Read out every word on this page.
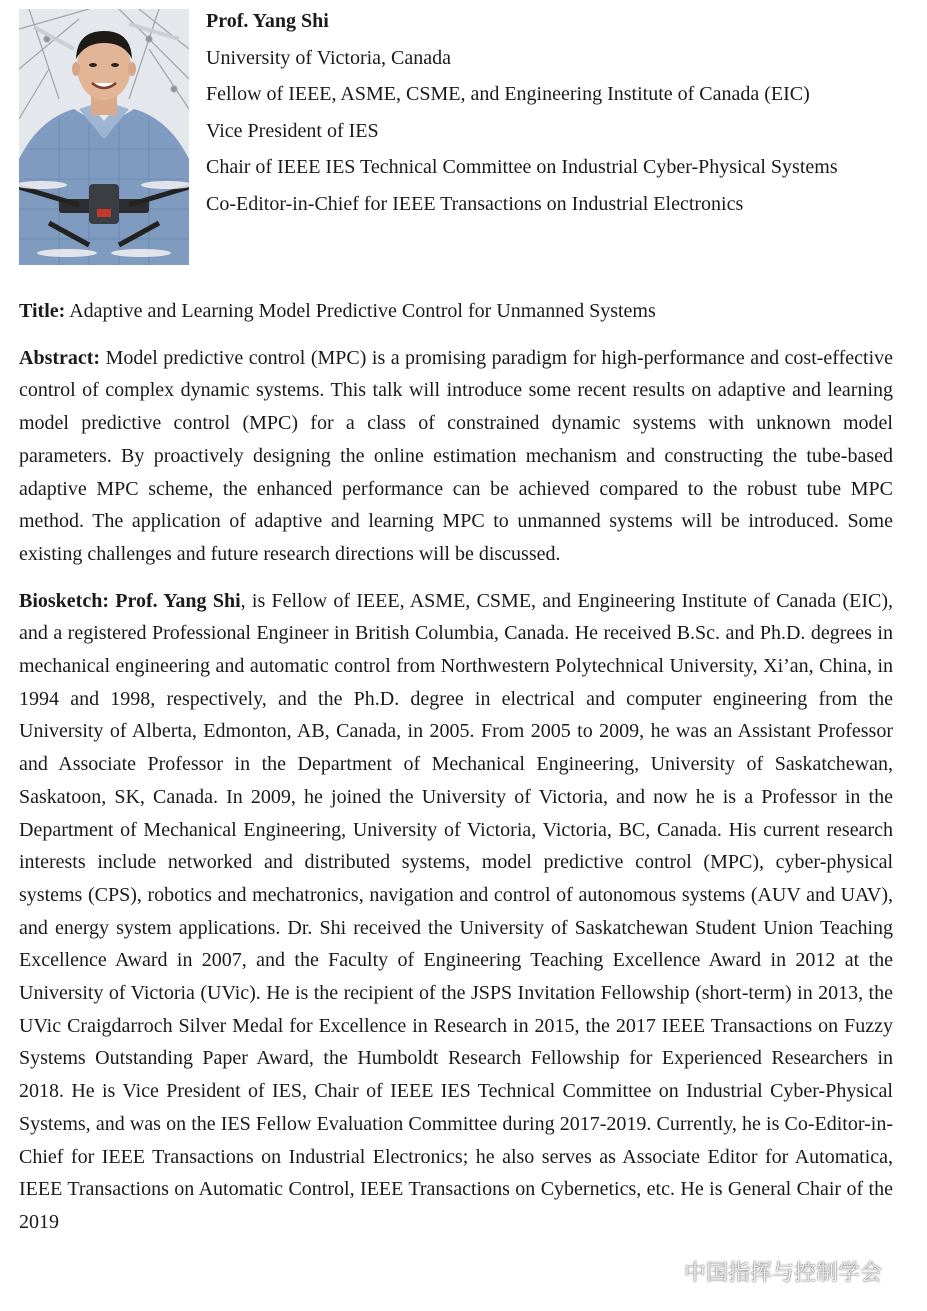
Prof. Yang Shi
University of Victoria, Canada
Fellow of IEEE, ASME, CSME, and Engineering Institute of Canada (EIC)
Vice President of IES
Chair of IEEE IES Technical Committee on Industrial Cyber-Physical Systems
Co-Editor-in-Chief for IEEE Transactions on Industrial Electronics

Title: Adaptive and Learning Model Predictive Control for Unmanned Systems

Abstract: Model predictive control (MPC) is a promising paradigm for high-performance and cost-effective control of complex dynamic systems. This talk will introduce some recent results on adaptive and learning model predictive control (MPC) for a class of constrained dynamic systems with unknown model parameters. By proactively designing the online estimation mechanism and constructing the tube-based adaptive MPC scheme, the enhanced performance can be achieved compared to the robust tube MPC method. The application of adaptive and learning MPC to unmanned systems will be introduced. Some existing challenges and future research directions will be discussed.

Biosketch: Prof. Yang Shi, is Fellow of IEEE, ASME, CSME, and Engineering Institute of Canada (EIC), and a registered Professional Engineer in British Columbia, Canada. He received B.Sc. and Ph.D. degrees in mechanical engineering and automatic control from Northwestern Polytechnical University, Xi’an, China, in 1994 and 1998, respectively, and the Ph.D. degree in electrical and computer engineering from the University of Alberta, Edmonton, AB, Canada, in 2005. From 2005 to 2009, he was an Assistant Professor and Associate Professor in the Department of Mechanical Engineering, University of Saskatchewan, Saskatoon, SK, Canada. In 2009, he joined the University of Victoria, and now he is a Professor in the Department of Mechanical Engineering, University of Victoria, Victoria, BC, Canada. His current research interests include networked and distributed systems, model predictive control (MPC), cyber-physical systems (CPS), robotics and mechatronics, navigation and control of autonomous systems (AUV and UAV), and energy system applications. Dr. Shi received the University of Saskatchewan Student Union Teaching Excellence Award in 2007, and the Faculty of Engineering Teaching Excellence Award in 2012 at the University of Victoria (UVic). He is the recipient of the JSPS Invitation Fellowship (short-term) in 2013, the UVic Craigdarroch Silver Medal for Excellence in Research in 2015, the 2017 IEEE Transactions on Fuzzy Systems Outstanding Paper Award, the Humboldt Research Fellowship for Experienced Researchers in 2018. He is Vice President of IES, Chair of IEEE IES Technical Committee on Industrial Cyber-Physical Systems, and was on the IES Fellow Evaluation Committee during 2017-2019. Currently, he is Co-Editor-in-Chief for IEEE Transactions on Industrial Electronics; he also serves as Associate Editor for Automatica, IEEE Transactions on Automatic Control, IEEE Transactions on Cybernetics, etc. He is General Chair of the 2019

中国指挥与控制学会
